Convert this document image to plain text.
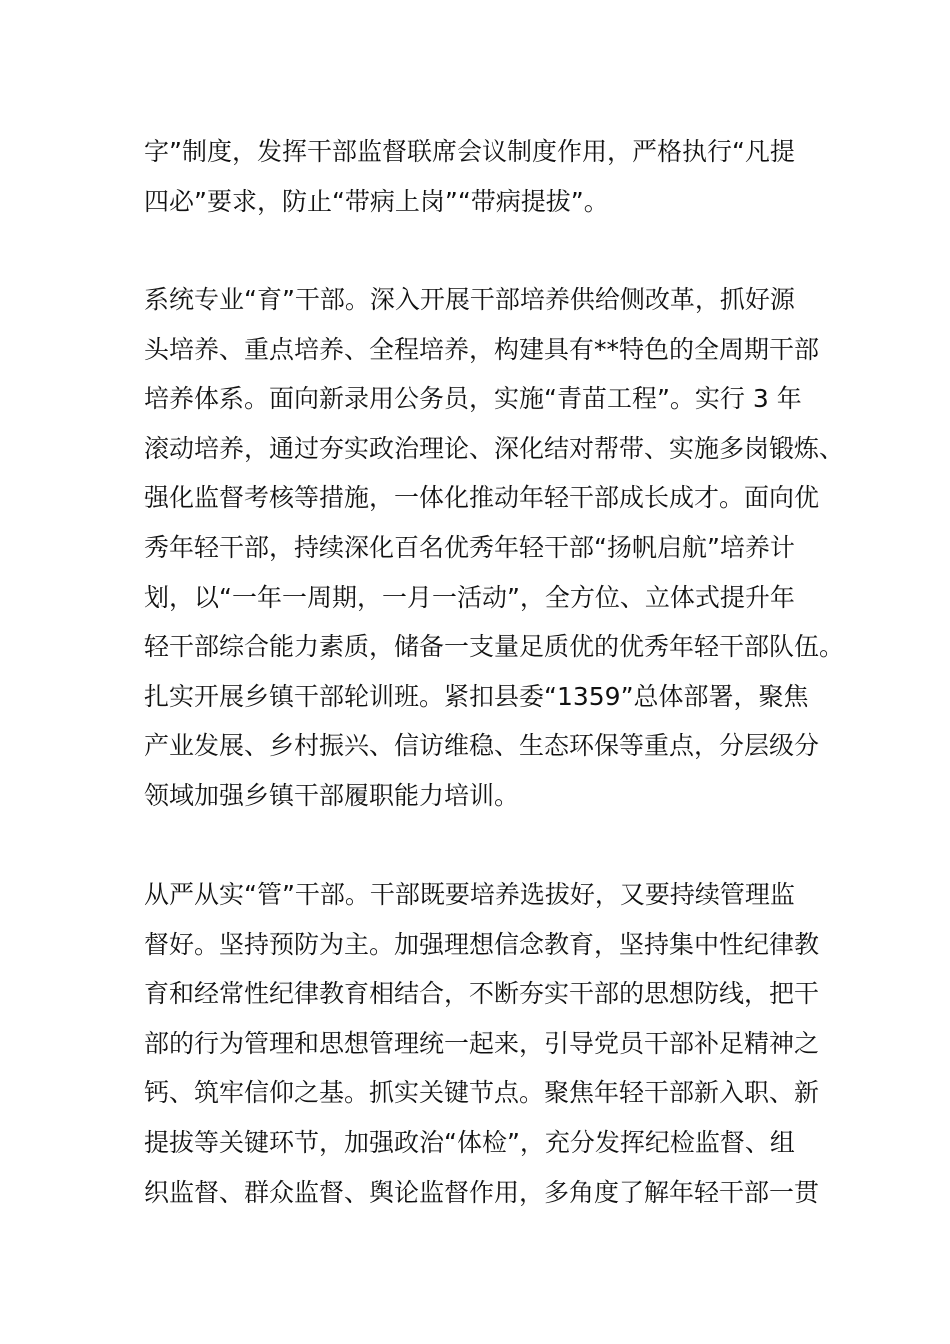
字”制度，发挥干部监督联席会议制度作用，严格执行“凡提
四必”要求，防止“带病上岗”“带病提拔”。
系统专业“育”干部。深入开展干部培养供给侧改革，抓好源
头培养、重点培养、全程培养，构建具有**特色的全周期干部
培养体系。面向新录用公务员，实施“青苗工程”。实行 3 年
滚动培养，通过夯实政治理论、深化结对帮带、实施多岗锻炼、
强化监督考核等措施，一体化推动年轻干部成长成才。面向优
秀年轻干部，持续深化百名优秀年轻干部“扬帆启航”培养计
划，以“一年一周期，一月一活动”，全方位、立体式提升年
轻干部综合能力素质，储备一支量足质优的优秀年轻干部队伍。
扎实开展乡镇干部轮训班。紧扣县委“1359”总体部署，聚焦
产业发展、乡村振兴、信访维稳、生态环保等重点，分层级分
领域加强乡镇干部履职能力培训。
从严从实“管”干部。干部既要培养选拔好，又要持续管理监
督好。坚持预防为主。加强理想信念教育，坚持集中性纪律教
育和经常性纪律教育相结合，不断夯实干部的思想防线，把干
部的行为管理和思想管理统一起来，引导党员干部补足精神之
钙、筑牢信仰之基。抓实关键节点。聚焦年轻干部新入职、新
提拔等关键环节，加强政治“体检”，充分发挥纪检监督、组
织监督、群众监督、舆论监督作用，多角度了解年轻干部一贯
